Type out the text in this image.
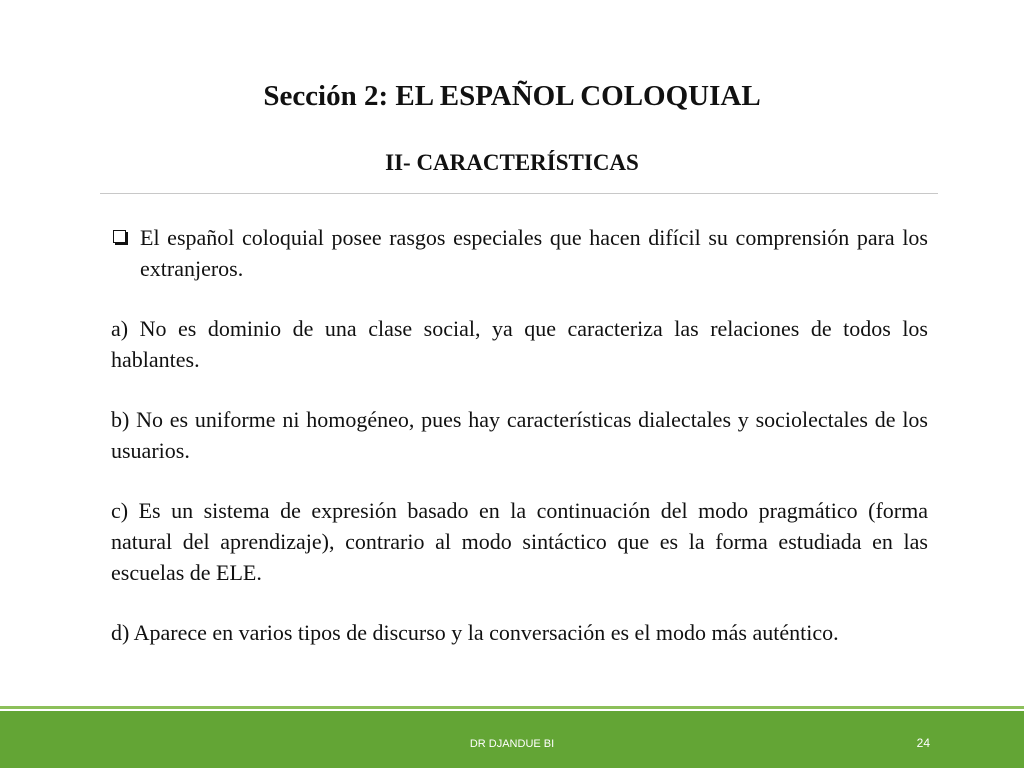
Sección 2: EL ESPAÑOL COLOQUIAL
II- CARACTERÍSTICAS

El español coloquial posee rasgos especiales que hacen difícil su comprensión para los extranjeros.

a) No es dominio de una clase social, ya que caracteriza las relaciones de todos los hablantes.

b) No es uniforme ni homogéneo, pues hay características dialectales y sociolectales de los usuarios.

c) Es un sistema de expresión basado en la continuación del modo pragmático (forma natural del aprendizaje), contrario al modo sintáctico que es la forma estudiada en las escuelas de ELE.

d) Aparece en varios tipos de discurso y la conversación es el modo más auténtico.

DR DJANDUE BI	24
